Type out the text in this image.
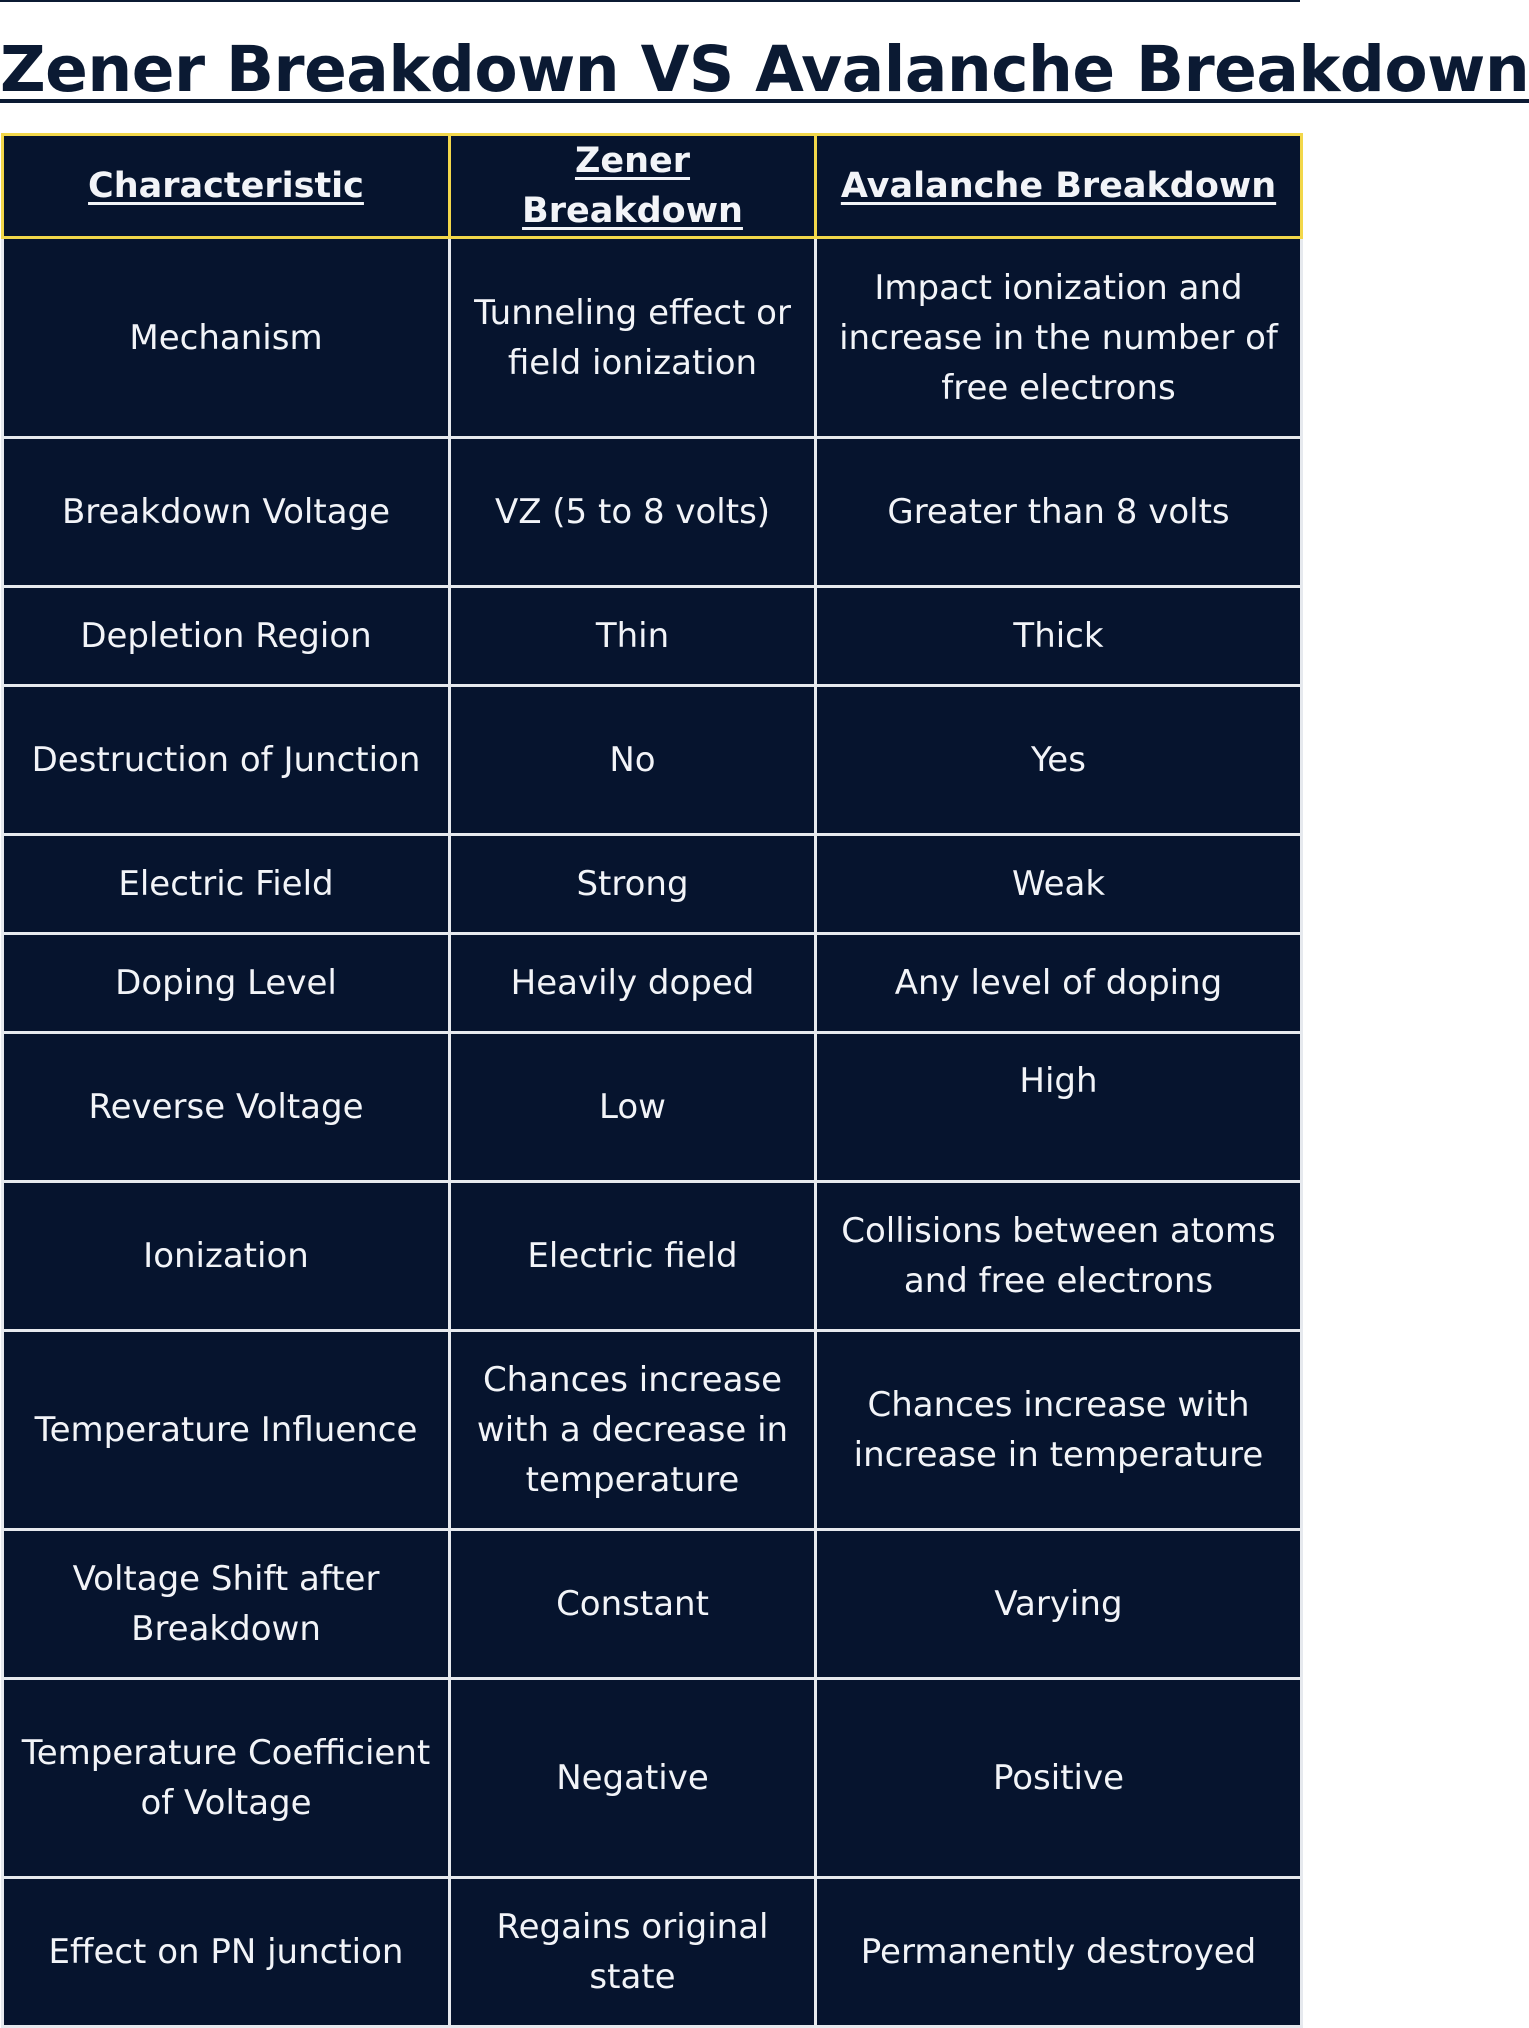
Zener Breakdown VS Avalanche Breakdown
Characteristic	Zener Breakdown	Avalanche Breakdown
Mechanism	Tunneling effect or field ionization	Impact ionization and increase in the number of free electrons
Breakdown Voltage	VZ (5 to 8 volts)	Greater than 8 volts
Depletion Region	Thin	Thick
Destruction of Junction	No	Yes
Electric Field	Strong	Weak
Doping Level	Heavily doped	Any level of doping
Reverse Voltage	Low	High
Ionization	Electric field	Collisions between atoms and free electrons
Temperature Influence	Chances increase with a decrease in temperature	Chances increase with increase in temperature
Voltage Shift after Breakdown	Constant	Varying
Temperature Coefficient of Voltage	Negative	Positive
Effect on PN junction	Regains original state	Permanently destroyed
